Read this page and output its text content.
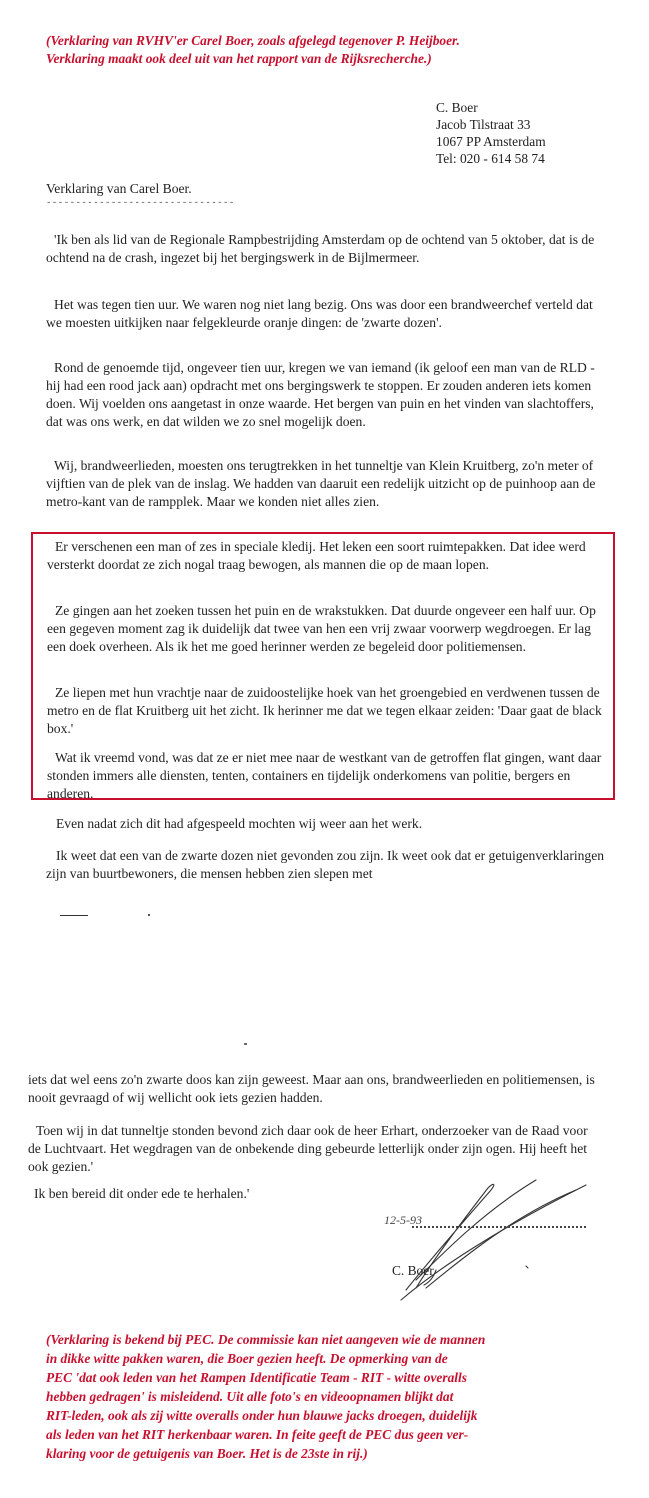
(Verklaring van RVHV'er Carel Boer, zoals afgelegd tegenover P. Heijboer.
Verklaring maakt ook deel uit van het rapport van de Rijksrecherche.)

C. Boer
Jacob Tilstraat 33
1067 PP Amsterdam
Tel: 020 - 614 58 74

Verklaring van Carel Boer.

--------------------------------

'Ik ben als lid van de Regionale Rampbestrijding Amsterdam op de ochtend van 5 oktober, dat is de ochtend na de crash, ingezet bij het bergingswerk in de Bijlmermeer.

Het was tegen tien uur. We waren nog niet lang bezig. Ons was door een brandweerchef verteld dat we moesten uitkijken naar felgekleurde oranje dingen: de 'zwarte dozen'.

Rond de genoemde tijd, ongeveer tien uur, kregen we van iemand (ik geloof een man van de RLD - hij had een rood jack aan) opdracht met ons bergingswerk te stoppen. Er zouden anderen iets komen doen. Wij voelden ons aangetast in onze waarde. Het bergen van puin en het vinden van slachtoffers, dat was ons werk, en dat wilden we zo snel mogelijk doen.

Wij, brandweerlieden, moesten ons terugtrekken in het tunneltje van Klein Kruitberg, zo'n meter of vijftien van de plek van de inslag. We hadden van daaruit een redelijk uitzicht op de puinhoop aan de metro-kant van de rampplek. Maar we konden niet alles zien.

Er verschenen een man of zes in speciale kledij. Het leken een soort ruimtepakken. Dat idee werd versterkt doordat ze zich nogal traag bewogen, als mannen die op de maan lopen.

Ze gingen aan het zoeken tussen het puin en de wrakstukken. Dat duurde ongeveer een half uur. Op een gegeven moment zag ik duidelijk dat twee van hen een vrij zwaar voorwerp wegdroegen. Er lag een doek overheen. Als ik het me goed herinner werden ze begeleid door politiemensen.

Ze liepen met hun vrachtje naar de zuidoostelijke hoek van het groengebied en verdwenen tussen de metro en de flat Kruitberg uit het zicht. Ik herinner me dat we tegen elkaar zeiden: 'Daar gaat de black box.'

Wat ik vreemd vond, was dat ze er niet mee naar de westkant van de getroffen flat gingen, want daar stonden immers alle diensten, tenten, containers en tijdelijk onderkomens van politie, bergers en anderen.

Even nadat zich dit had afgespeeld mochten wij weer aan het werk.

Ik weet dat een van de zwarte dozen niet gevonden zou zijn. Ik weet ook dat er getuigenverklaringen zijn van buurtbewoners, die mensen hebben zien slepen met

iets dat wel eens zo'n zwarte doos kan zijn geweest. Maar aan ons, brandweerlieden en politiemensen, is nooit gevraagd of wij wellicht ook iets gezien hadden.

Toen wij in dat tunneltje stonden bevond zich daar ook de heer Erhart, onderzoeker van de Raad voor de Luchtvaart. Het wegdragen van de onbekende ding gebeurde letterlijk onder zijn ogen. Hij heeft het ook gezien.'

Ik ben bereid dit onder ede te herhalen.'

12-5-93
C. Boer

(Verklaring is bekend bij PEC. De commissie kan niet aangeven wie de mannen
in dikke witte pakken waren, die Boer gezien heeft. De opmerking van de
PEC 'dat ook leden van het Rampen Identificatie Team - RIT - witte overalls
hebben gedragen' is misleidend. Uit alle foto's en videoopnamen blijkt dat
RIT-leden, ook als zij witte overalls onder hun blauwe jacks droegen, duidelijk
als leden van het RIT herkenbaar waren. In feite geeft de PEC dus geen ver-
klaring voor de getuigenis van Boer. Het is de 23ste in rij.)
